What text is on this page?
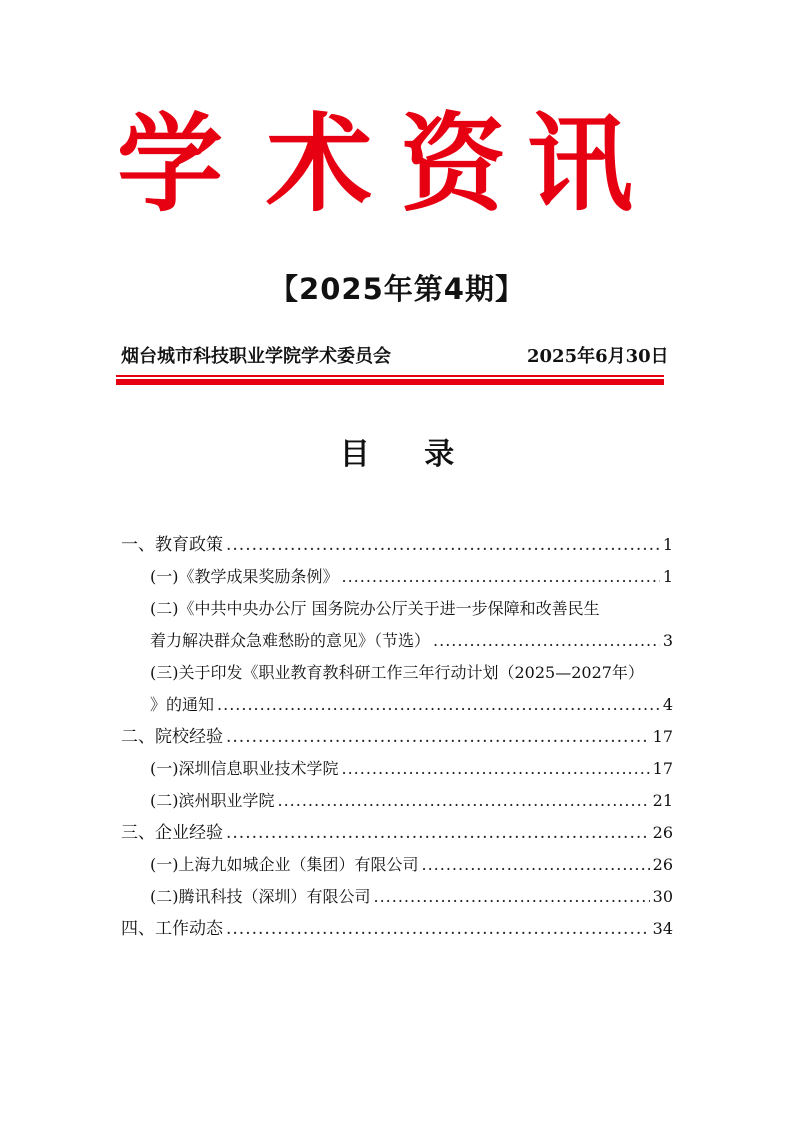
学 术 资 讯
【2025年第4期】
烟台城市科技职业学院学术委员会	2025年6月30日
目 录
一、教育政策 .....	1
(一)《教学成果奖励条例》 .....	1
(二)《中共中央办公厅 国务院办公厅关于进一步保障和改善民生
着力解决群众急难愁盼的意见》（节选） .....	3
(三)关于印发《职业教育教科研工作三年行动计划（2025—2027年）
》的通知 .....	4
二、院校经验 .....	17
(一)深圳信息职业技术学院 .....	17
(二)滨州职业学院 .....	21
三、企业经验 .....	26
(一)上海九如城企业（集团）有限公司 .....	26
(二)腾讯科技（深圳）有限公司 .....	30
四、工作动态 .....	34
